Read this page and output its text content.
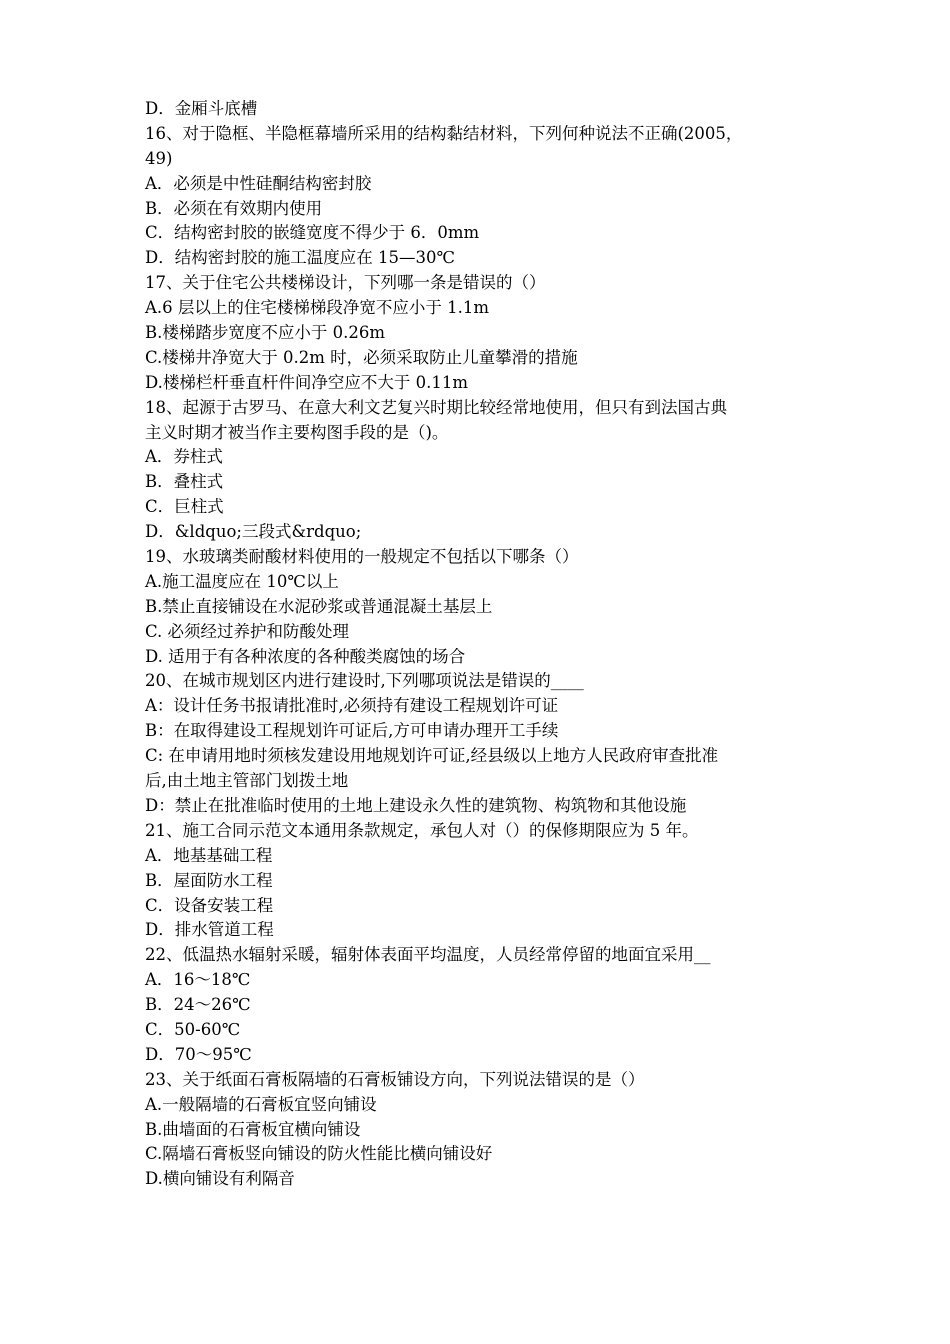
D．金厢斗底槽
16、对于隐框、半隐框幕墙所采用的结构黏结材料，下列何种说法不正确(2005，
49)
A．必须是中性硅酮结构密封胶
B．必须在有效期内使用
C．结构密封胶的嵌缝宽度不得少于 6．0mm
D．结构密封胶的施工温度应在 15—30℃
17、关于住宅公共楼梯设计，下列哪一条是错误的（）
A.6 层以上的住宅楼梯梯段净宽不应小于 1.1m
B.楼梯踏步宽度不应小于 0.26m
C.楼梯井净宽大于 0.2m 时，必须采取防止儿童攀滑的措施
D.楼梯栏杆垂直杆件间净空应不大于 0.11m
18、起源于古罗马、在意大利文艺复兴时期比较经常地使用，但只有到法国古典
主义时期才被当作主要构图手段的是（)。
A．券柱式
B．叠柱式
C．巨柱式
D．&ldquo;三段式&rdquo;
19、水玻璃类耐酸材料使用的一般规定不包括以下哪条（）
A.施工温度应在 10℃以上
B.禁止直接铺设在水泥砂浆或普通混凝土基层上
C. 必须经过养护和防酸处理
D. 适用于有各种浓度的各种酸类腐蚀的场合
20、在城市规划区内进行建设时,下列哪项说法是错误的____
A：设计任务书报请批准时,必须持有建设工程规划许可证
B：在取得建设工程规划许可证后,方可申请办理开工手续
C: 在申请用地时须核发建设用地规划许可证,经县级以上地方人民政府审查批准
后,由土地主管部门划拨土地
D：禁止在批准临时使用的土地上建设永久性的建筑物、构筑物和其他设施
21、施工合同示范文本通用条款规定，承包人对（）的保修期限应为 5 年。
A．地基基础工程
B．屋面防水工程
C．设备安装工程
D．排水管道工程
22、低温热水辐射采暖，辐射体表面平均温度，人员经常停留的地面宜采用__
A．16～18℃
B．24～26℃
C．50-60℃
D．70～95℃
23、关于纸面石膏板隔墙的石膏板铺设方向，下列说法错误的是（）
A.一般隔墙的石膏板宜竖向铺设
B.曲墙面的石膏板宜横向铺设
C.隔墙石膏板竖向铺设的防火性能比横向铺设好
D.横向铺设有利隔音
